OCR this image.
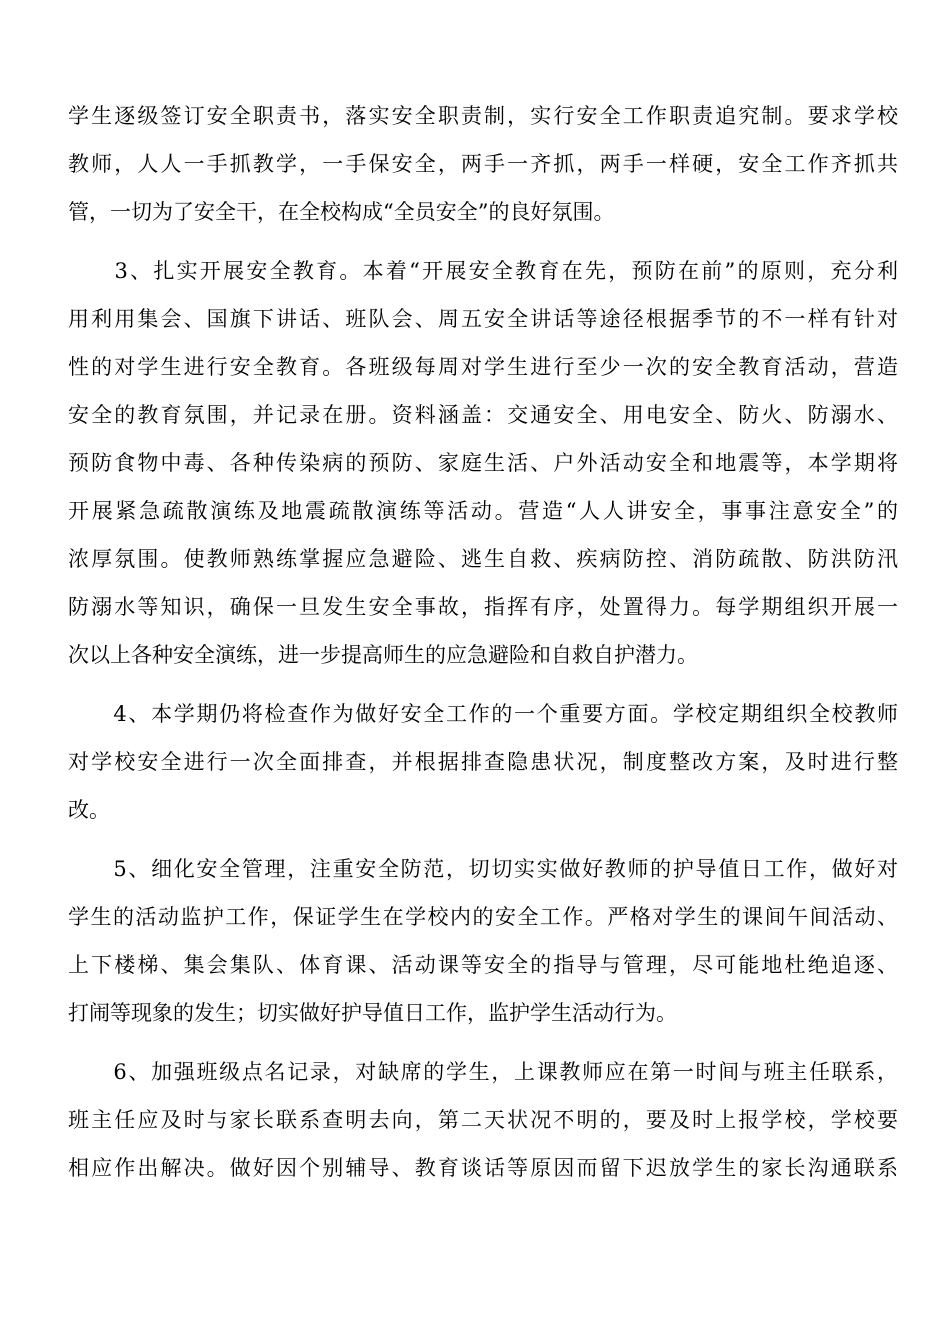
学生逐级签订安全职责书，落实安全职责制，实行安全工作职责追究制。要求学校
教师，人人一手抓教学，一手保安全，两手一齐抓，两手一样硬，安全工作齐抓共
管，一切为了安全干，在全校构成“全员安全”的良好氛围。
　　3、扎实开展安全教育。本着“开展安全教育在先，预防在前”的原则，充分利
用利用集会、国旗下讲话、班队会、周五安全讲话等途径根据季节的不一样有针对
性的对学生进行安全教育。各班级每周对学生进行至少一次的安全教育活动，营造
安全的教育氛围，并记录在册。资料涵盖：交通安全、用电安全、防火、防溺水、
预防食物中毒、各种传染病的预防、家庭生活、户外活动安全和地震等，本学期将
开展紧急疏散演练及地震疏散演练等活动。营造“人人讲安全，事事注意安全”的
浓厚氛围。使教师熟练掌握应急避险、逃生自救、疾病防控、消防疏散、防洪防汛
防溺水等知识，确保一旦发生安全事故，指挥有序，处置得力。每学期组织开展一
次以上各种安全演练，进一步提高师生的应急避险和自救自护潜力。
　　4、本学期仍将检查作为做好安全工作的一个重要方面。学校定期组织全校教师
对学校安全进行一次全面排查，并根据排查隐患状况，制度整改方案，及时进行整
改。
　　5、细化安全管理，注重安全防范，切切实实做好教师的护导值日工作，做好对
学生的活动监护工作，保证学生在学校内的安全工作。严格对学生的课间午间活动、
上下楼梯、集会集队、体育课、活动课等安全的指导与管理，尽可能地杜绝追逐、
打闹等现象的发生；切实做好护导值日工作，监护学生活动行为。
　　6、加强班级点名记录，对缺席的学生，上课教师应在第一时间与班主任联系，
班主任应及时与家长联系查明去向，第二天状况不明的，要及时上报学校，学校要
相应作出解决。做好因个别辅导、教育谈话等原因而留下迟放学生的家长沟通联系
